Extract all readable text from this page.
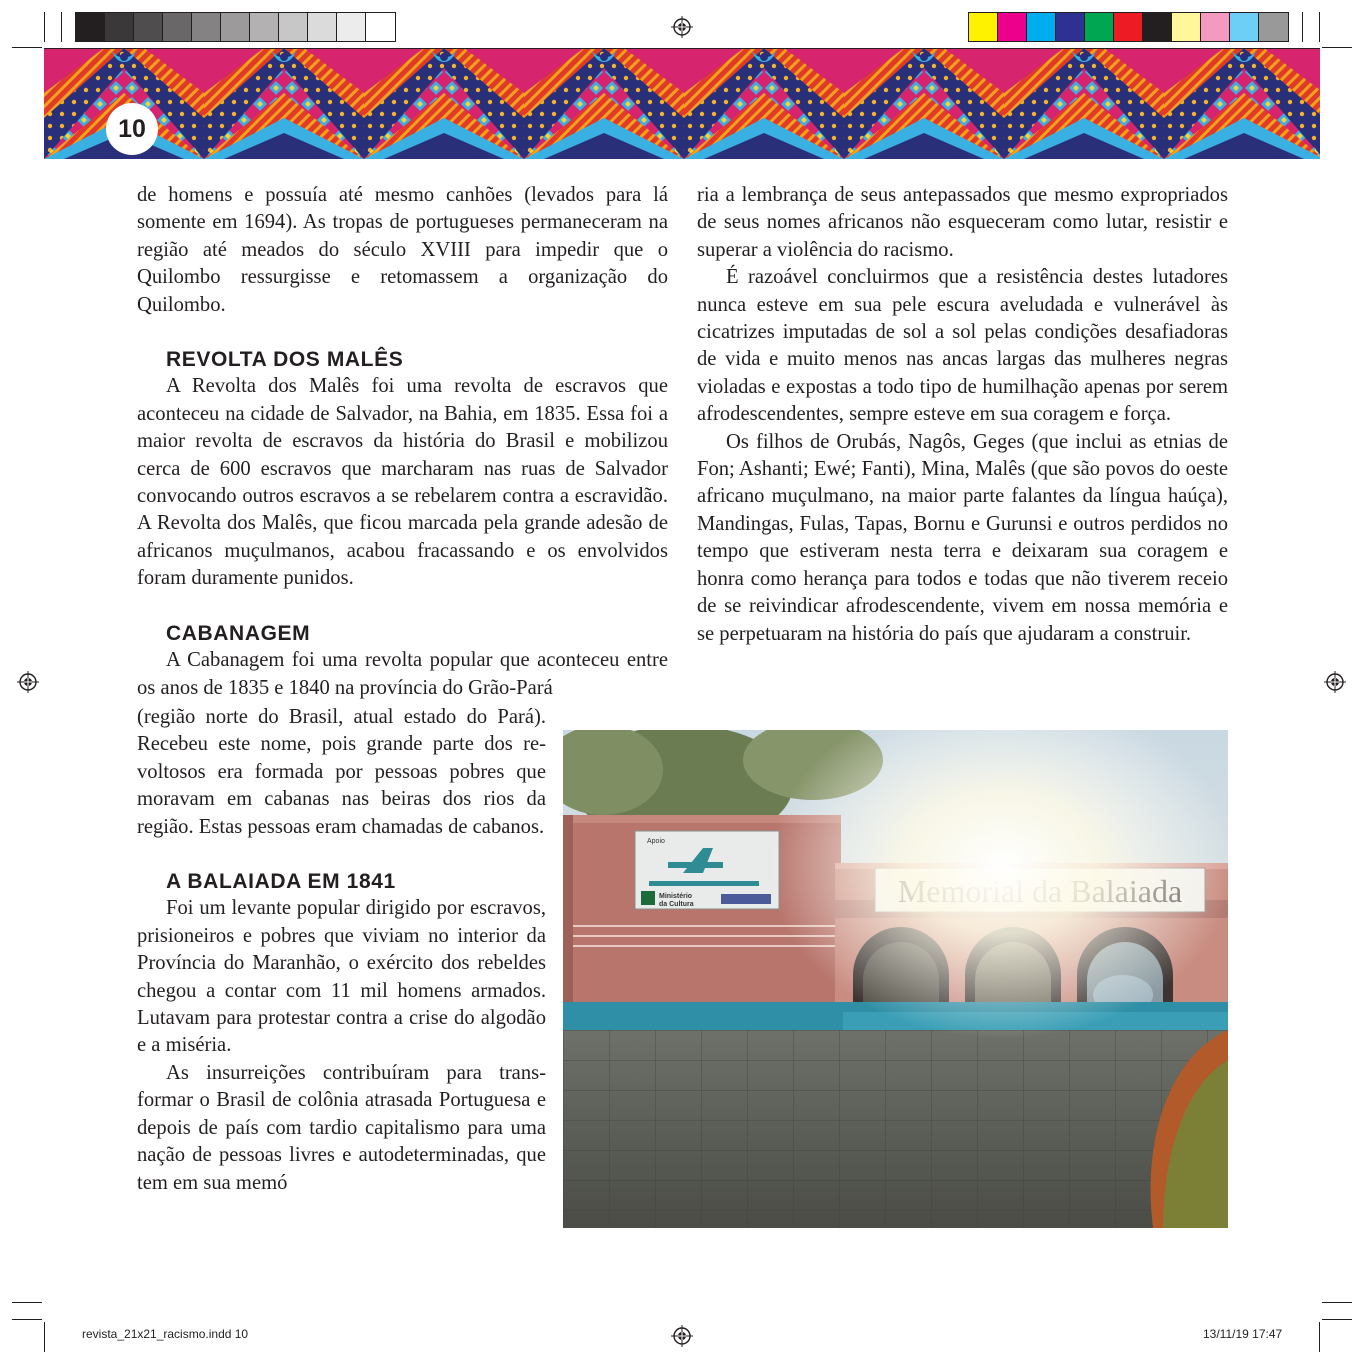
10

de homens e possuía até mesmo canhões (levados para lá somente em 1694). As tropas de portugueses permaneceram na região até meados do século XVIII para impedir que o Quilombo ressurgisse e retomassem a organização do Quilombo.

REVOLTA DOS MALÊS

A Revolta dos Malês foi uma revolta de escravos que aconteceu na cidade de Salvador, na Bahia, em 1835. Essa foi a maior revolta de escravos da história do Brasil e mobilizou cerca de 600 escravos que marcharam nas ruas de Salvador convocando outros escravos a se rebelarem contra a escravidão. A Revolta dos Malês, que ficou marcada pela grande adesão de africanos muçulmanos, acabou fracassando e os envolvidos foram duramente punidos.

CABANAGEM

A Cabanagem foi uma revolta popular que aconteceu entre os anos de 1835 e 1840 na província do Grão-Pará

(região norte do Brasil, atual estado do Pará). Recebeu este nome, pois grande parte dos revoltosos era formada por pessoas pobres que moravam em cabanas nas beiras dos rios da região. Estas pessoas eram chamadas de cabanos.

A BALAIADA EM 1841

Foi um levante popular dirigido por escravos, prisioneiros e pobres que viviam no interior da Província do Maranhão, o exército dos rebeldes chegou a contar com 11 mil homens armados. Lutavam para protestar contra a crise do algodão e a miséria.

As insurreições contribuíram para transformar o Brasil de colônia atrasada Portuguesa e depois de país com tardio capitalismo para uma nação de pessoas livres e autodeterminadas, que tem em sua memó

ria a lembrança de seus antepassados que mesmo expropriados de seus nomes africanos não esqueceram como lutar, resistir e superar a violência do racismo.

É razoável concluirmos que a resistência destes lutadores nunca esteve em sua pele escura aveludada e vulnerável às cicatrizes imputadas de sol a sol pelas condições desafiadoras de vida e muito menos nas ancas largas das mulheres negras violadas e expostas a todo tipo de humilhação apenas por serem afrodescendentes, sempre esteve em sua coragem e força.

Os filhos de Orubás, Nagôs, Geges (que inclui as etnias de Fon; Ashanti; Ewé; Fanti), Mina, Malês (que são povos do oeste africano muçulmano, na maior parte falantes da língua haúça), Mandingas, Fulas, Tapas, Bornu e Gurunsi e outros perdidos no tempo que estiveram nesta terra e deixaram sua coragem e honra como herança para todos e todas que não tiverem receio de se reivindicar afrodescendente, vivem em nossa memória e se perpetuaram na história do país que ajudaram a construir.

revista_21x21_racismo.indd 10	13/11/19 17:47
